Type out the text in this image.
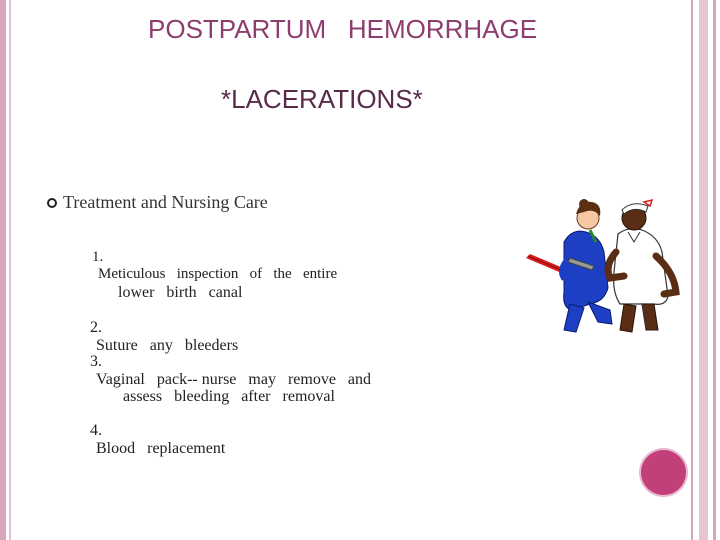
POSTPARTUM   HEMORRHAGE
*LACERATIONS*
Treatment and Nursing Care

1.
Meticulous   inspection   of   the   entire

lower   birth   canal

2.
Suture   any   bleeders

3.
Vaginal   pack-- nurse   may   remove   and

assess   bleeding   after   removal

4.
Blood   replacement
